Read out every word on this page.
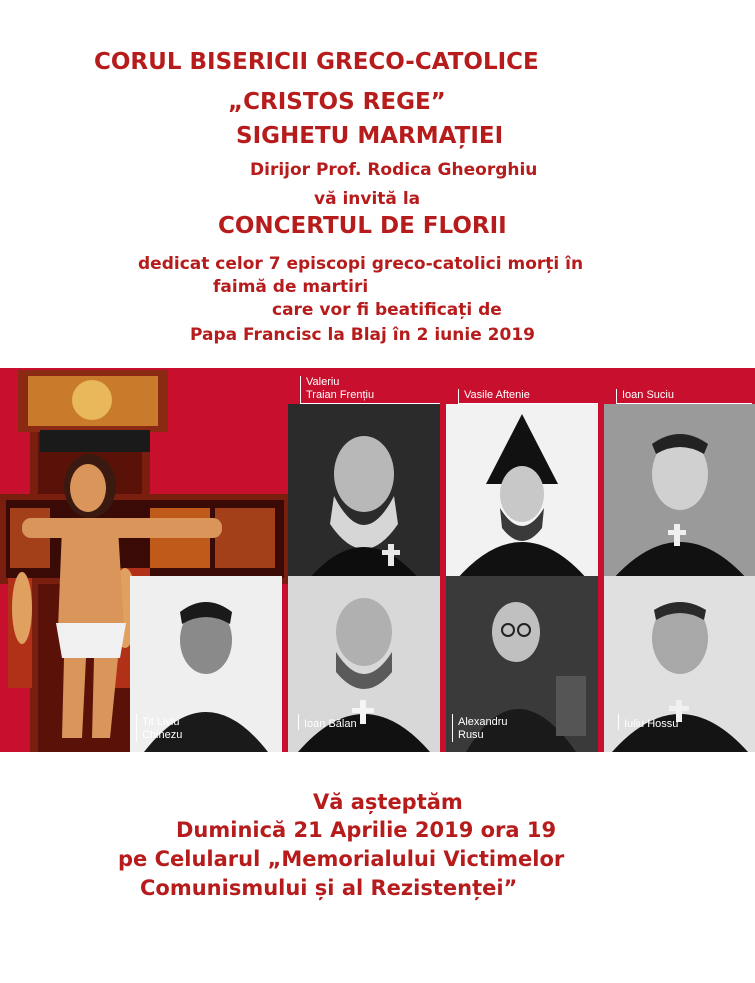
CORUL BISERICII GRECO-CATOLICE
„CRISTOS REGE”
SIGHETU MARMAȚIEI
Dirijor Prof. Rodica Gheorghiu
vă invită la
CONCERTUL DE FLORII
dedicat celor 7 episcopi greco-catolici morți în
faimă de martiri
care vor fi beatificați de
Papa Francisc la Blaj în 2 iunie 2019
Valeriu
Traian Frențiu	Vasile Aftenie	Ioan Suciu
Tit Liviu
Chinezu
Ioan Bălan	Alexandru
Rusu
Iuliu Hossu
Vă așteptăm
Duminică 21 Aprilie 2019 ora 19
pe Celularul „Memorialului Victimelor
Comunismului și al Rezistenței”
